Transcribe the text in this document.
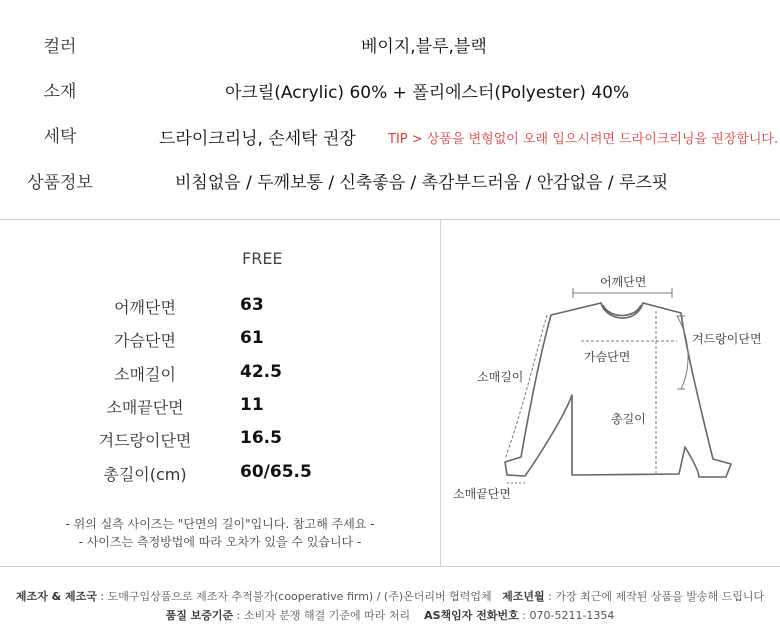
컬러	베이지,블루,블랙
소재	아크릴(Acrylic) 60% + 폴리에스터(Polyester) 40%
세탁	드라이크리닝, 손세탁 권장 TIP > 상품을 변형없이 오래 입으시려면 드라이크리닝을 권장합니다.
상품정보	비침없음 / 두께보통 / 신축좋음 / 촉감부드러움 / 안감없음 / 루즈핏
FREE
어깨단면	63
가슴단면	61
소매길이	42.5
소매끝단면	11
겨드랑이단면	16.5
총길이(cm)	60/65.5
- 위의 실측 사이즈는 "단면의 길이"입니다. 참고해 주세요 -
- 사이즈는 측정방법에 따라 오차가 있을 수 있습니다 -
어깨단면
가슴단면
겨드랑이단면
소매길이
총길이
소매끝단면
제조자 & 제조국 : 도매구입상품으로 제조자 추적불가(cooperative firm) / (주)온더리버 협력업체 제조년월 : 가장 최근에 제작된 상품을 발송해 드립니다
품질 보증기준 : 소비자 분쟁 해결 기준에 따라 처리 AS책임자 전화번호 : 070-5211-1354
